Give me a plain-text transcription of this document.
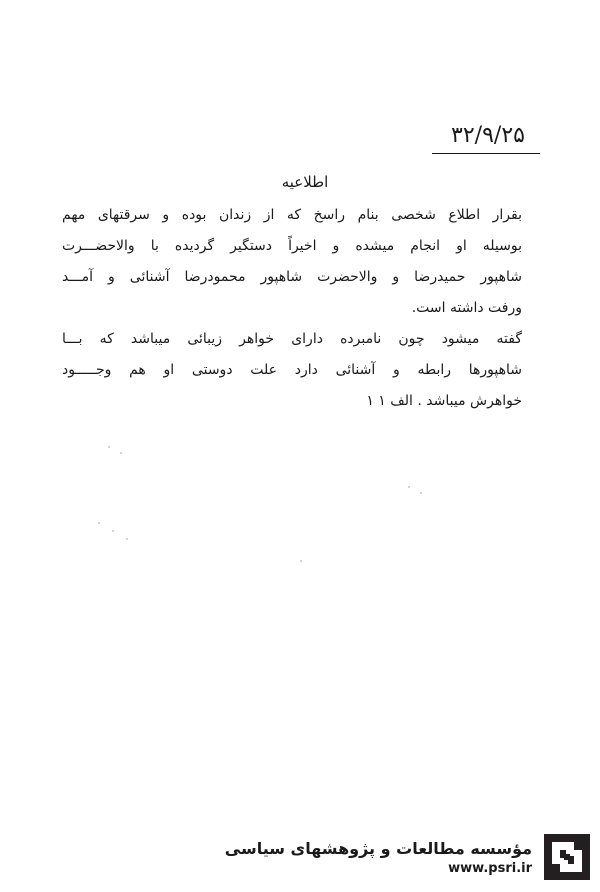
۳۲/۹/۲۵
اطلاعیه
بقرار اطلاع شخصی بنام راسخ که از زندان بوده و سرقتهای مهم
بوسیله او انجام میشده و اخیراً دستگیر گردیده با والاحضـــرت
شاهپور حمیدرضا و والاحضرت شاهپور محمودرضا آشنائی و آمـــد
ورفت داشته است.
گفته میشود چون نامبرده دارای خواهر زیبائی میباشد که بـــا
شاهپورها رابطه و آشنائی دارد علت دوستی او هم وجـــــود
خواهرش میباشد . الف ۱ ۱
مؤسسه مطالعات و پژوهشهای سیاسی
www.psri.ir
